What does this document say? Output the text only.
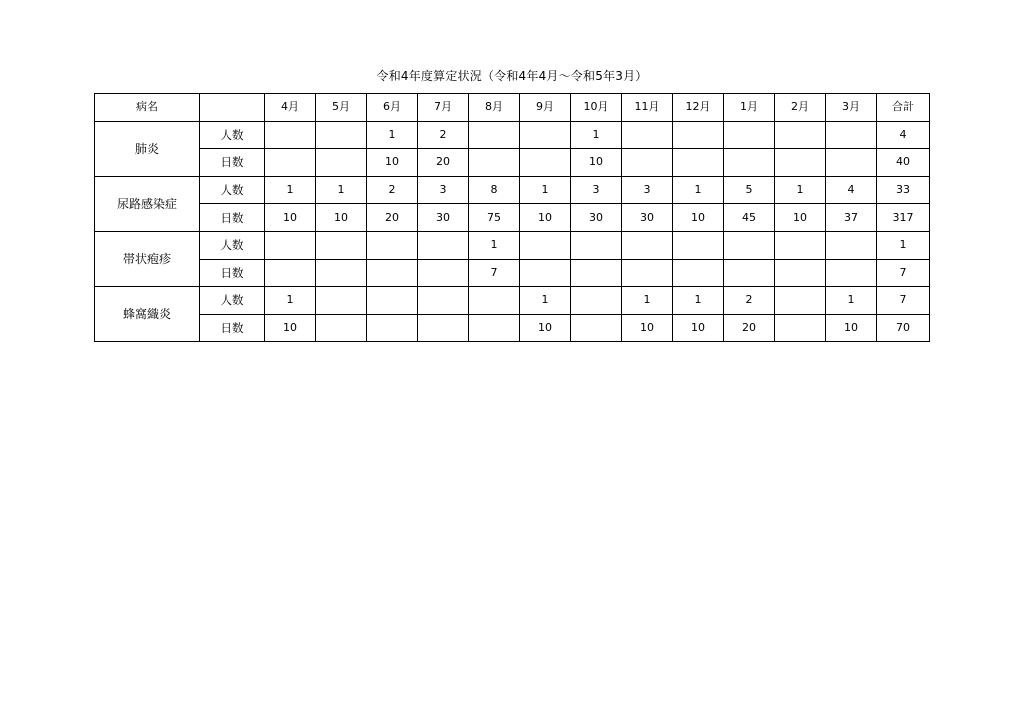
令和4年度算定状況（令和4年4月～令和5年3月）
病名		4月	5月	6月	7月	8月	9月	10月	11月	12月	1月	2月	3月	合計
肺炎	人数			1	2			1						4
	日数			10	20			10						40
尿路感染症	人数	1	1	2	3	8	1	3	3	1	5	1	4	33
	日数	10	10	20	30	75	10	30	30	10	45	10	37	317
帯状疱疹	人数					1								1
	日数					7								7
蜂窩織炎	人数	1					1		1	1	2		1	7
	日数	10					10		10	10	20		10	70
